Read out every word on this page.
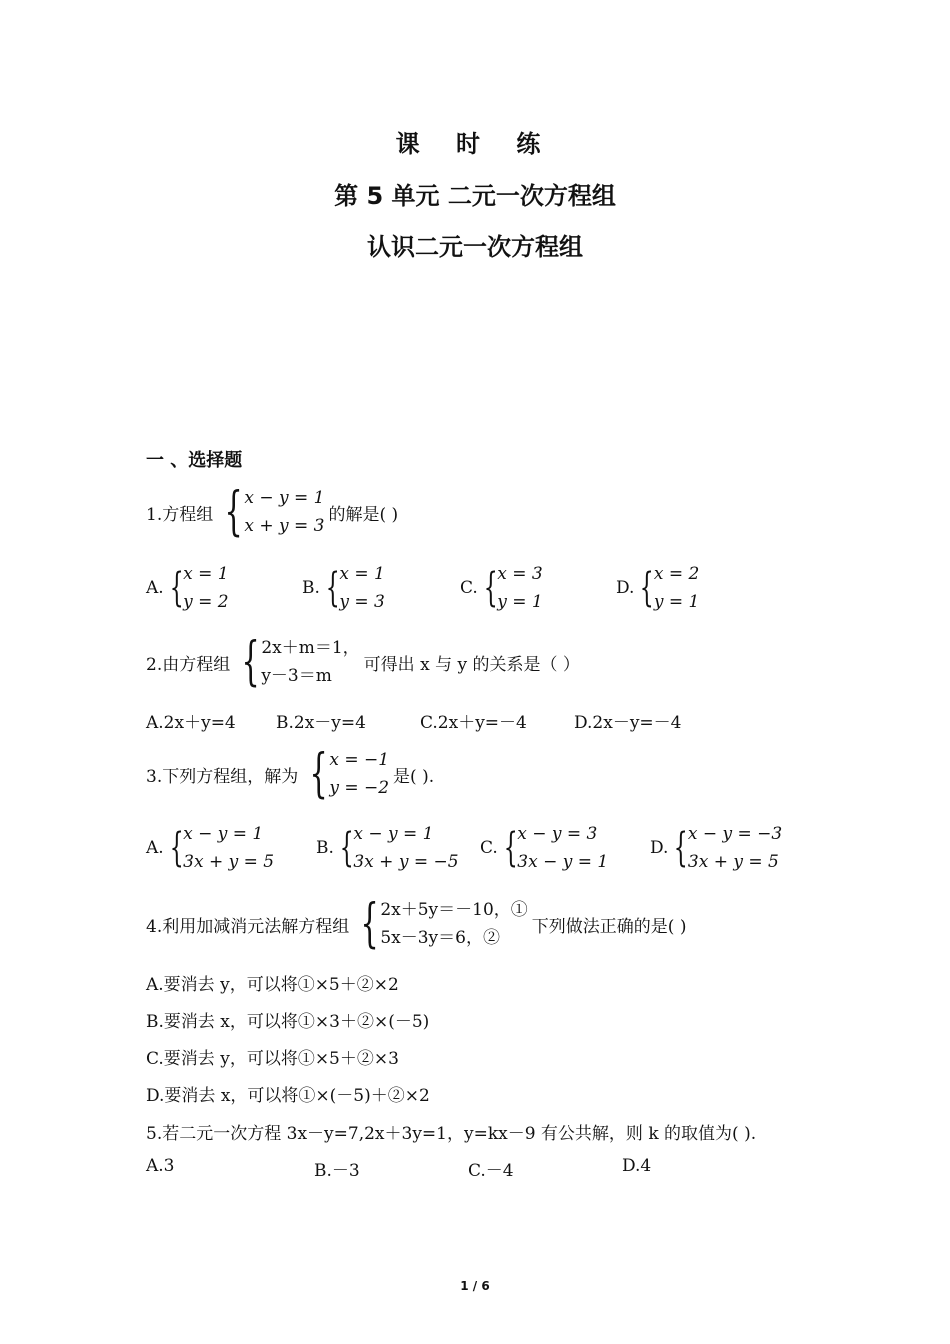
课 时 练
第 5 单元 二元一次方程组
认识二元一次方程组
一 、选择题
1.方程组 { x − y = 1
x + y = 3
的解是( )
A. { x = 1
y = 2
B. { x = 1
y = 3
C. { x = 3
y = 1
D. { x = 2
y = 1
2.由方程组 { 2x＋m＝1，
y－3＝m
可得出 x 与 y 的关系是（ ）
A.2x＋y=4 B.2x－y=4	C.2x＋y=－4	D.2x－y=－4
3.下列方程组，解为 { x = −1
y = −2
是( ).
A. { x − y = 1
3x + y = 5
B. { x − y = 1
3x + y = −5
C. { x − y = 3
3x − y = 1
D. { x − y = −3
3x + y = 5
4.利用加减消元法解方程组 { 2x＋5y＝－10，①
5x－3y＝6，②
下列做法正确的是( )
A.要消去 y，可以将①×5＋②×2
B.要消去 x，可以将①×3＋②×(－5)
C.要消去 y，可以将①×5＋②×3
D.要消去 x，可以将①×(－5)＋②×2
5.若二元一次方程 3x－y=7,2x＋3y=1，y=kx－9 有公共解，则 k 的取值为( ).
A.3	B.－3	C.－4	D.4
1 / 6
